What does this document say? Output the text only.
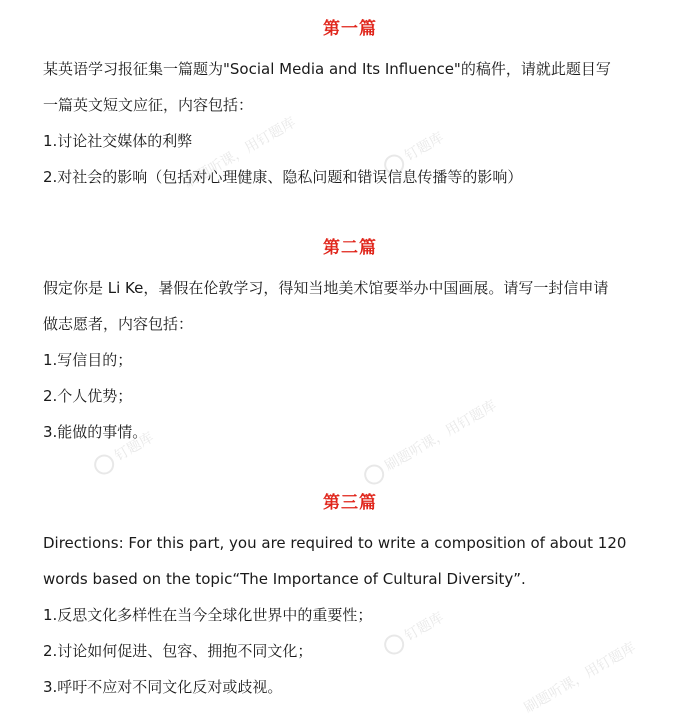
钉题库
刷题听课，用钉题库
钉题库	刷题听课，用钉题库
钉题库
刷题听课，用钉题库
第一篇
某英语学习报征集一篇题为"Social Media and Its Influence"的稿件，请就此题目写
一篇英文短文应征，内容包括：
1.讨论社交媒体的利弊
2.对社会的影响（包括对心理健康、隐私问题和错误信息传播等的影响）
第二篇
假定你是 Li Ke，暑假在伦敦学习，得知当地美术馆要举办中国画展。请写一封信申请
做志愿者，内容包括：
1.写信目的；
2.个人优势；
3.能做的事情。
第三篇
Directions: For this part, you are required to write a composition of about 120
words based on the topic“The Importance of Cultural Diversity”.
1.反思文化多样性在当今全球化世界中的重要性；
2.讨论如何促进、包容、拥抱不同文化；
3.呼吁不应对不同文化反对或歧视。
